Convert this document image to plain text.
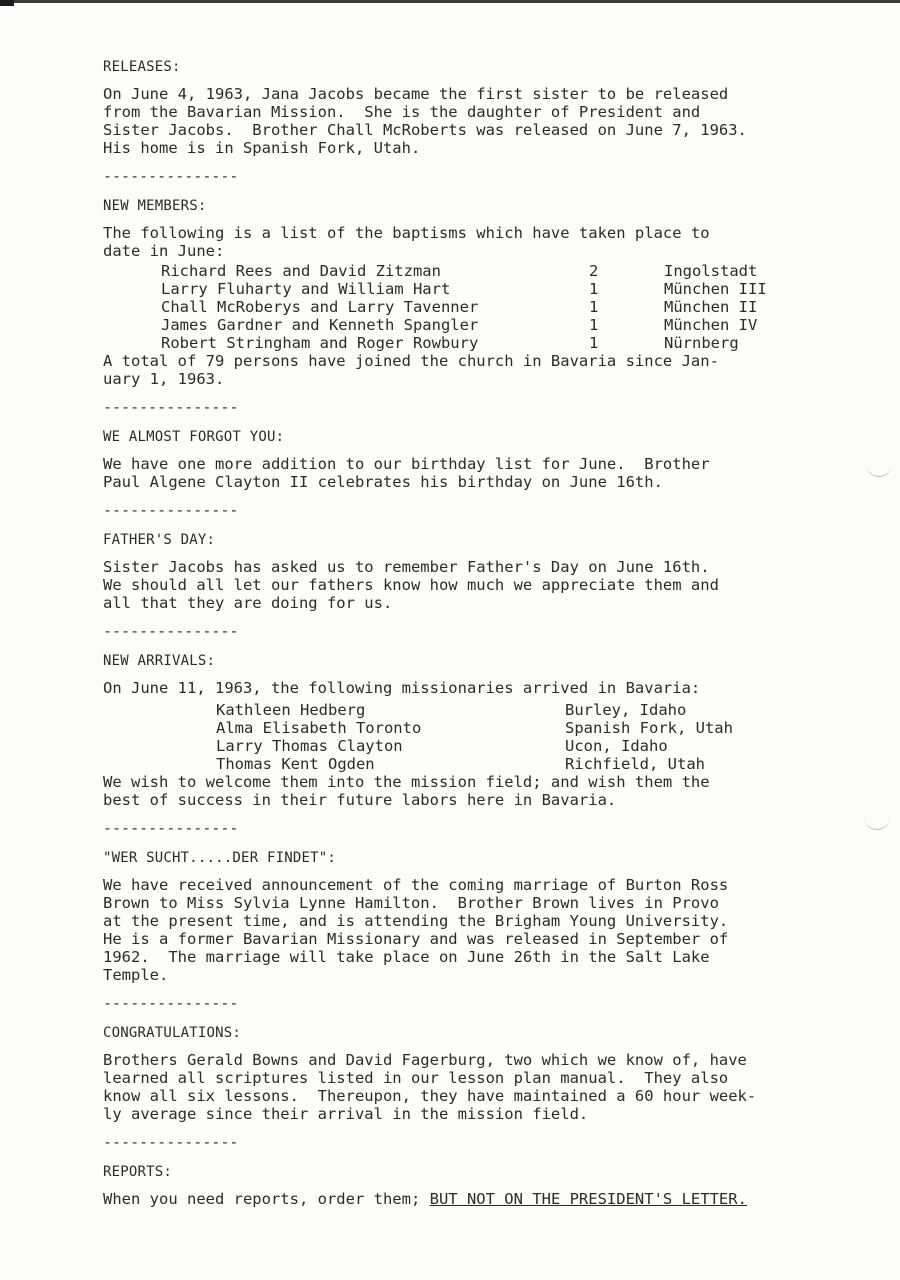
RELEASES:
On June 4, 1963, Jana Jacobs became the first sister to be released
from the Bavarian Mission.  She is the daughter of President and
Sister Jacobs.  Brother Chall McRoberts was released on June 7, 1963.
His home is in Spanish Fork, Utah.
---------------
NEW MEMBERS:
The following is a list of the baptisms which have taken place to
date in June:
Richard Rees and David Zitzman	2	Ingolstadt
Larry Fluharty and William Hart	1	München III
Chall McRoberys and Larry Tavenner	1	München II
James Gardner and Kenneth Spangler	1	München IV
Robert Stringham and Roger Rowbury	1	Nürnberg
A total of 79 persons have joined the church in Bavaria since Jan-
uary 1, 1963.
---------------
WE ALMOST FORGOT YOU:
We have one more addition to our birthday list for June.  Brother
Paul Algene Clayton II celebrates his birthday on June 16th.
---------------
FATHER'S DAY:
Sister Jacobs has asked us to remember Father's Day on June 16th.
We should all let our fathers know how much we appreciate them and
all that they are doing for us.
---------------
NEW ARRIVALS:
On June 11, 1963, the following missionaries arrived in Bavaria:
Kathleen Hedberg	Burley, Idaho
Alma Elisabeth Toronto	Spanish Fork, Utah
Larry Thomas Clayton	Ucon, Idaho
Thomas Kent Ogden	Richfield, Utah
We wish to welcome them into the mission field; and wish them the
best of success in their future labors here in Bavaria.
---------------
"WER SUCHT.....DER FINDET":
We have received announcement of the coming marriage of Burton Ross
Brown to Miss Sylvia Lynne Hamilton.  Brother Brown lives in Provo
at the present time, and is attending the Brigham Young University.
He is a former Bavarian Missionary and was released in September of
1962.  The marriage will take place on June 26th in the Salt Lake
Temple.
---------------
CONGRATULATIONS:
Brothers Gerald Bowns and David Fagerburg, two which we know of, have
learned all scriptures listed in our lesson plan manual.  They also
know all six lessons.  Thereupon, they have maintained a 60 hour week-
ly average since their arrival in the mission field.
---------------
REPORTS:
When you need reports, order them; BUT NOT ON THE PRESIDENT'S LETTER.
